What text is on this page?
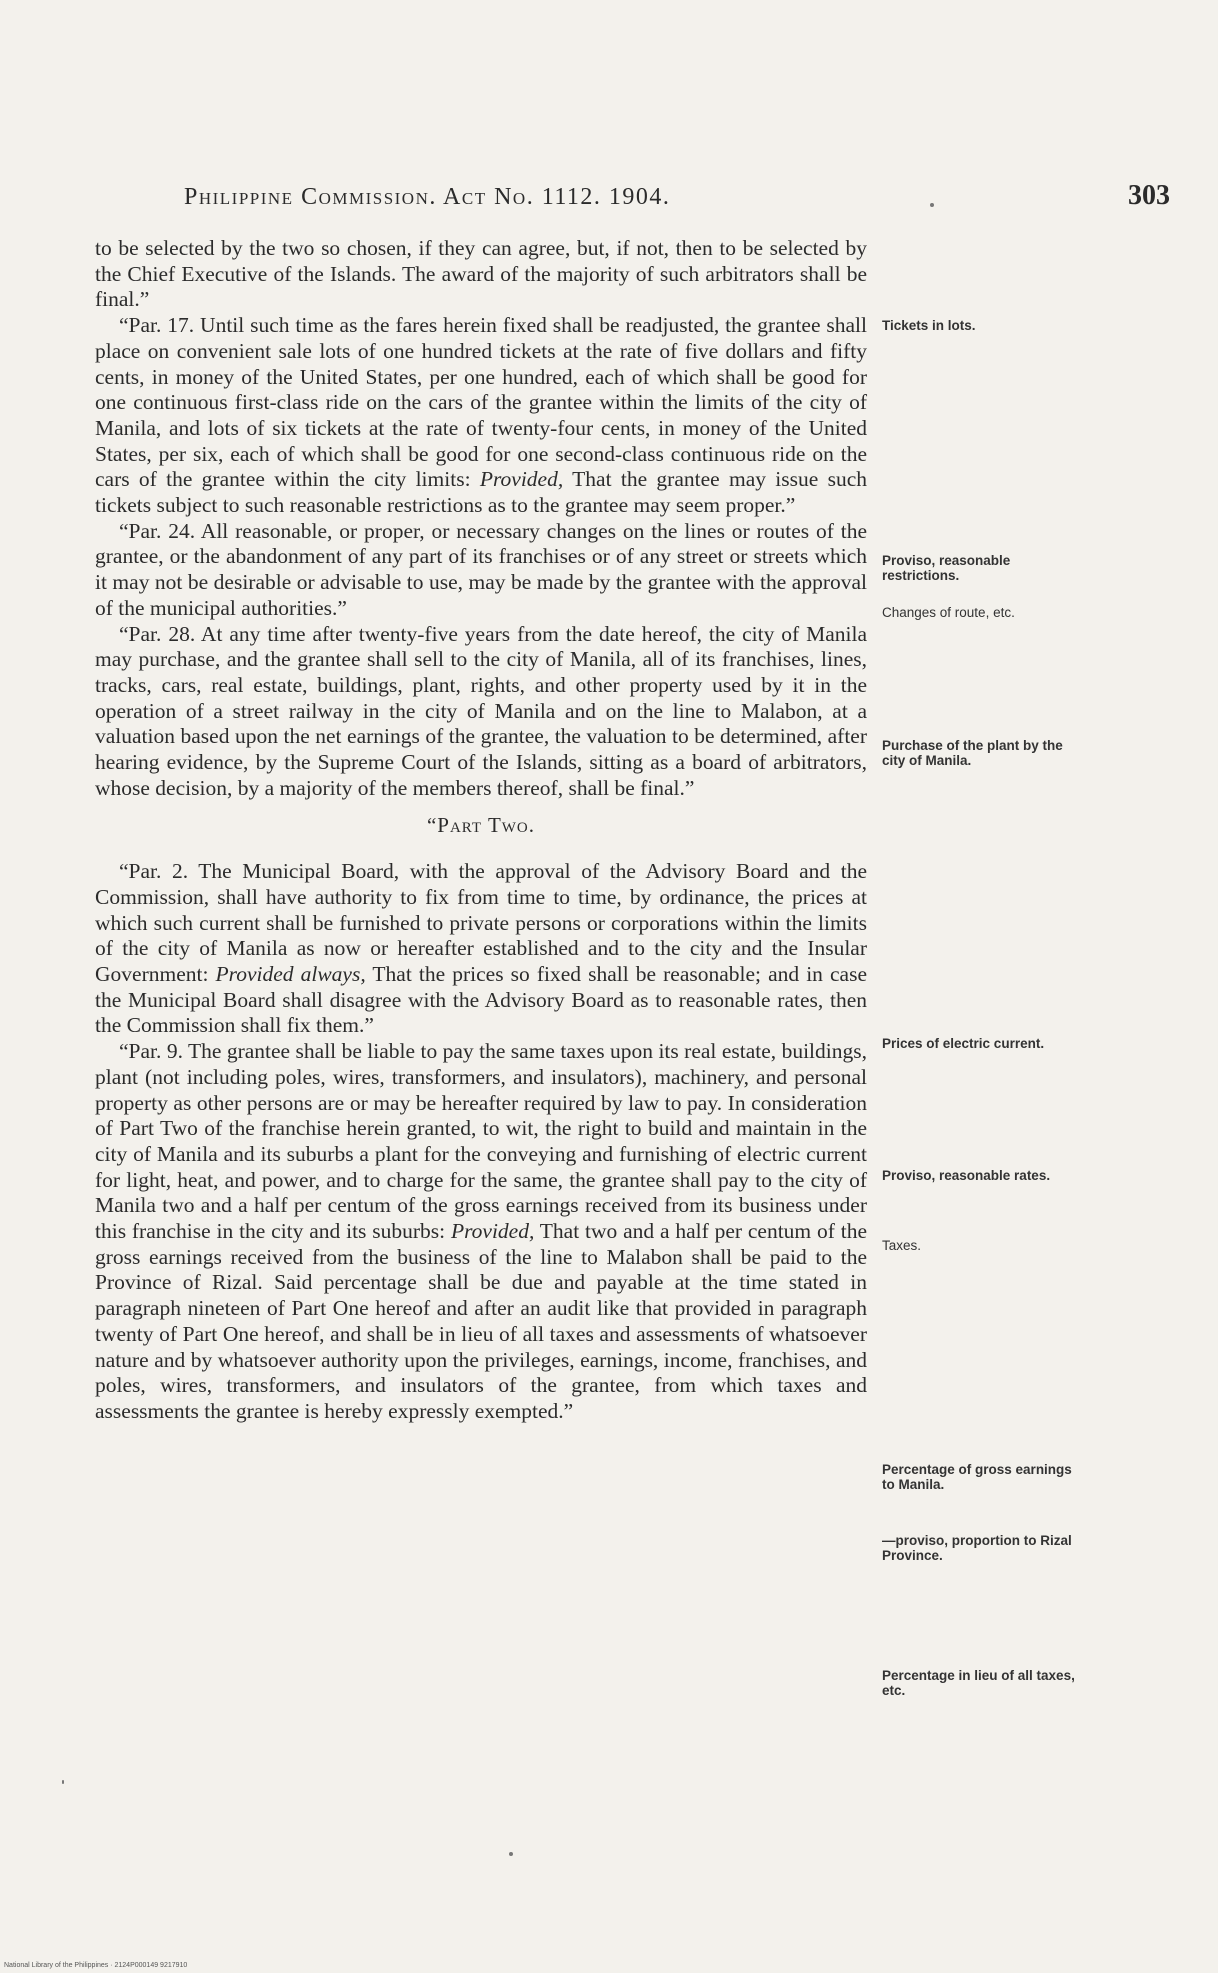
Philippine Commission. Act No. 1112. 1904.	303

to be selected by the two so chosen, if they can agree, but, if not, then to be selected by the Chief Executive of the Islands. The award of the majority of such arbitrators shall be final.”

“Par. 17. Until such time as the fares herein fixed shall be readjusted, the grantee shall place on convenient sale lots of one hundred tickets at the rate of five dollars and fifty cents, in money of the United States, per one hundred, each of which shall be good for one continuous first-class ride on the cars of the grantee within the limits of the city of Manila, and lots of six tickets at the rate of twenty-four cents, in money of the United States, per six, each of which shall be good for one second-class continuous ride on the cars of the grantee within the city limits: Provided, That the grantee may issue such tickets subject to such reasonable restrictions as to the grantee may seem proper.”

“Par. 24. All reasonable, or proper, or necessary changes on the lines or routes of the grantee, or the abandonment of any part of its franchises or of any street or streets which it may not be desirable or advisable to use, may be made by the grantee with the approval of the municipal authorities.”

“Par. 28. At any time after twenty-five years from the date hereof, the city of Manila may purchase, and the grantee shall sell to the city of Manila, all of its franchises, lines, tracks, cars, real estate, buildings, plant, rights, and other property used by it in the operation of a street railway in the city of Manila and on the line to Malabon, at a valuation based upon the net earnings of the grantee, the valuation to be determined, after hearing evidence, by the Supreme Court of the Islands, sitting as a board of arbitrators, whose decision, by a majority of the members thereof, shall be final.”

“Part Two.

“Par. 2. The Municipal Board, with the approval of the Advisory Board and the Commission, shall have authority to fix from time to time, by ordinance, the prices at which such current shall be furnished to private persons or corporations within the limits of the city of Manila as now or hereafter established and to the city and the Insular Government: Provided always, That the prices so fixed shall be reasonable; and in case the Municipal Board shall disagree with the Advisory Board as to reasonable rates, then the Commission shall fix them.”

“Par. 9. The grantee shall be liable to pay the same taxes upon its real estate, buildings, plant (not including poles, wires, transformers, and insulators), machinery, and personal property as other persons are or may be hereafter required by law to pay. In consideration of Part Two of the franchise herein granted, to wit, the right to build and maintain in the city of Manila and its suburbs a plant for the conveying and furnishing of electric current for light, heat, and power, and to charge for the same, the grantee shall pay to the city of Manila two and a half per centum of the gross earnings received from its business under this franchise in the city and its suburbs: Provided, That two and a half per centum of the gross earnings received from the business of the line to Malabon shall be paid to the Province of Rizal. Said percentage shall be due and payable at the time stated in paragraph nineteen of Part One hereof and after an audit like that provided in paragraph twenty of Part One hereof, and shall be in lieu of all taxes and assessments of whatsoever nature and by whatsoever authority upon the privileges, earnings, income, franchises, and poles, wires, transformers, and insulators of the grantee, from which taxes and assessments the grantee is hereby expressly exempted.”

Tickets in lots.
Proviso, reasonable restrictions.
Changes of route, etc.
Purchase of the plant by the city of Manila.
Prices of electric current.
Proviso, reasonable rates.
Taxes.
Percentage of gross earnings to Manila.
—proviso, proportion to Rizal Province.
Percentage in lieu of all taxes, etc.
National Library of the Philippines · 2124P000149 9217910
